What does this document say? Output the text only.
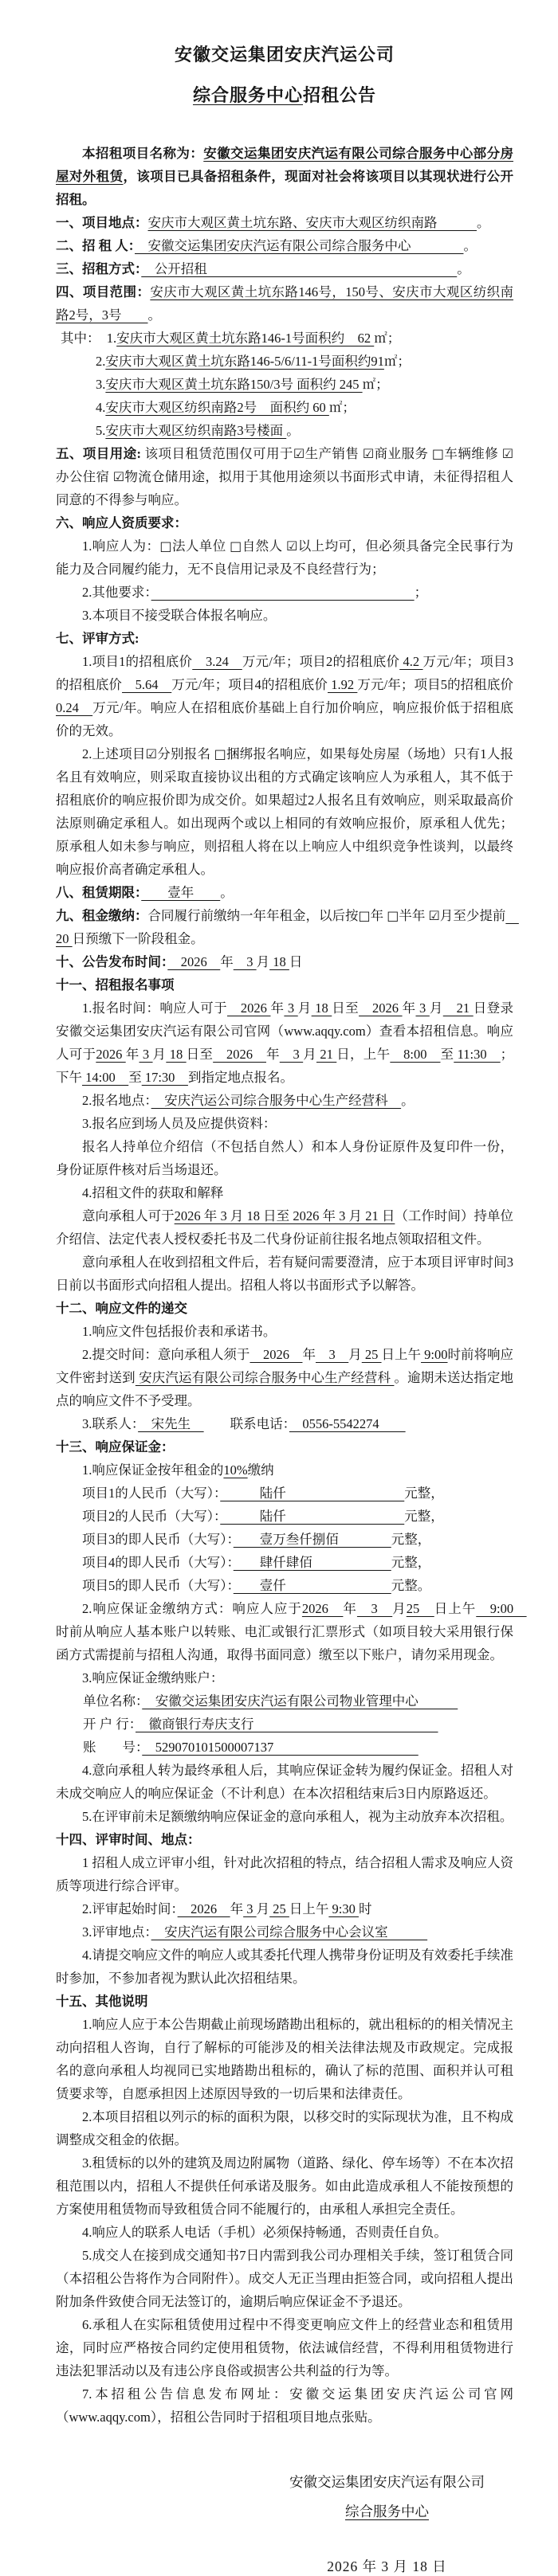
安徽交运集团安庆汽运公司
综合服务中心招租公告

本招租项目名称为：安徽交运集团安庆汽运有限公司综合服务中心部分房屋对外租赁，该项目已具备招租条件，现面对社会将该项目以其现状进行公开招租。

一、项目地点：安庆市大观区黄土坑东路、安庆市大观区纺织南路　　　。

二、招 租 人：　安徽交运集团安庆汽运有限公司综合服务中心　　　　。

三、招租方式：　公开招租　　　　　　　　　　　　　　　　　　　。

四、项目范围：安庆市大观区黄土坑东路146号，150号、安庆市大观区纺织南路2号，3号　　。

其中：　1.安庆市大观区黄土坑东路146-1号面积约　62 ㎡；

2.安庆市大观区黄土坑东路146-5/6/11-1号面积约91㎡；

3.安庆市大观区黄土坑东路150/3号 面积约 245 ㎡；

4.安庆市大观区纺织南路2号　面积约 60 ㎡；

5.安庆市大观区纺织南路3号楼面 。

五、项目用途: 该项目租赁范围仅可用于☑生产销售 ☑商业服务 □车辆维修 ☑办公住宿 ☑物流仓储用途，拟用于其他用途须以书面形式申请，未征得招租人同意的不得参与响应。

六、响应人资质要求：

1.响应人为：□法人单位 □自然人 ☑以上均可，但必须具备完全民事行为能力及合同履约能力，无不良信用记录及不良经营行为；

2.其他要求：　　　　　　　　　　　　　　　　　　　　	；

3.本项目不接受联合体报名响应。

七、评审方式:

1.项目1的招租底价　3.24　万元/年；项目2的招租底价 4.2 万元/年；项目3的招租底价　5.64　万元/年；项目4的招租底价 1.92 万元/年；项目5的招租底价 0.24　万元/年。响应人在招租底价基础上自行加价响应，响应报价低于招租底价的无效。

2.上述项目☑分别报名 □捆绑报名响应，如果每处房屋（场地）只有1人报名且有效响应，则采取直接协议出租的方式确定该响应人为承租人，其不低于招租底价的响应报价即为成交价。如果超过2人报名且有效响应，则采取最高价法原则确定承租人。如出现两个或以上相同的有效响应报价，原承租人优先；原承租人如未参与响应，则招租人将在以上响应人中组织竞争性谈判，以最终响应报价高者确定承租人。

八、租赁期限：　　壹年　　。

九、租金缴纳：合同履行前缴纳一年年租金，以后按□年 □半年 ☑月至少提前　20 日预缴下一阶段租金。

十、公告发布时间：　2026　年　3 月 18 日

十一、招租报名事项

1.报名时间：响应人可于　2026 年 3 月 18 日至　2026 年 3 月　21 日登录安徽交运集团安庆汽运有限公司官网（www.aqqy.com）查看本招租信息。响应人可于2026 年 3 月 18 日至　2026　年　3 月 21 日，上午　8:00　至 11:30　；下午 14:00　至 17:30　到指定地点报名。

2.报名地点：　安庆汽运公司综合服务中心生产经营科　。

3.报名应到场人员及应提供资料：

报名人持单位介绍信（不包括自然人）和本人身份证原件及复印件一份，身份证原件核对后当场退还。

4.招租文件的获取和解释

意向承租人可于2026 年 3 月 18 日至 2026 年 3 月 21 日（工作时间）持单位介绍信、法定代表人授权委托书及二代身份证前往报名地点领取招租文件。

意向承租人在收到招租文件后，若有疑问需要澄清，应于本项目评审时间3日前以书面形式向招租人提出。招租人将以书面形式予以解答。

十二、响应文件的递交

1.响应文件包括报价表和承诺书。

2.提交时间：意向承租人须于　2026　年　3　月 25 日上午 9:00时前将响应文件密封送到 安庆汽运有限公司综合服务中心生产经营科 。逾期未送达指定地点的响应文件不予受理。

3.联系人：　宋先生　　　联系电话：　0556-5542274　　

十三、响应保证金：

1.响应保证金按年租金的10%缴纳

项目1的人民币（大写）：　　　陆仟　　　　　　　　　元整，

项目2的人民币（大写）：　　　陆仟　　　　　　　　　元整，

项目3的即人民币（大写）：　　壹万叁仟捌佰　　　　元整，

项目4的即人民币（大写）：　　肆仟肆佰　　　　　　元整，

项目5的即人民币（大写）：　　壹仟　　　　　　　　元整。

2.响应保证金缴纳方式：响应人应于2026　年　3　月25　日上午　9:00　时前从响应人基本账户以转账、电汇或银行汇票形式（如项目较大采用银行保函方式需提前与招租人沟通，取得书面同意）缴至以下账户，请勿采用现金。

3.响应保证金缴纳账户：

单位名称：　安徽交运集团安庆汽运有限公司物业管理中心　　　

开 户 行：　徽商银行寿庆支行　　　　　　　　　　　　　　

账　　号：　529070101500007137　　　　　　　　　　　

4.意向承租人转为最终承租人后，其响应保证金转为履约保证金。招租人对未成交响应人的响应保证金（不计利息）在本次招租结束后3日内原路返还。

5.在评审前未足额缴纳响应保证金的意向承租人，视为主动放弃本次招租。

十四、评审时间、地点：

1 招租人成立评审小组，针对此次招租的特点，结合招租人需求及响应人资质等项进行综合评审。

2.评审起始时间：　2026　年 3 月 25 日上午 9:30 时

3.评审地点：　安庆汽运有限公司综合服务中心会议室　　　

4.请提交响应文件的响应人或其委托代理人携带身份证明及有效委托手续准时参加，不参加者视为默认此次招租结果。

十五、其他说明

1.响应人应于本公告期截止前现场踏勘出租标的，就出租标的的相关情况主动向招租人咨询，自行了解标的可能涉及的相关法律法规及市政规定。完成报名的意向承租人均视同已实地踏勘出租标的，确认了标的范围、面积并认可租赁要求等，自愿承担因上述原因导致的一切后果和法律责任。

2.本项目招租以列示的标的面积为限，以移交时的实际现状为准，且不构成调整成交租金的依据。

3.租赁标的以外的建筑及周边附属物（道路、绿化、停车场等）不在本次招租范围以内，招租人不提供任何承诺及服务。如由此造成承租人不能按预想的方案使用租赁物而导致租赁合同不能履行的，由承租人承担完全责任。

4.响应人的联系人电话（手机）必须保持畅通，否则责任自负。

5.成交人在接到成交通知书7日内需到我公司办理相关手续，签订租赁合同（本招租公告将作为合同附件）。成交人无正当理由拒签合同，或向招租人提出附加条件致使合同无法签订的，逾期后响应保证金不予退还。

6.承租人在实际租赁使用过程中不得变更响应文件上的经营业态和租赁用途，同时应严格按合同约定使用租赁物，依法诚信经营，不得利用租赁物进行违法犯罪活动以及有违公序良俗或损害公共利益的行为等。

7.本招租公告信息发布网址：安徽交运集团安庆汽运公司官网（www.aqqy.com），招租公告同时于招租项目地点张贴。

安徽交运集团安庆汽运有限公司
综合服务中心
2026 年 3 月 18 日
